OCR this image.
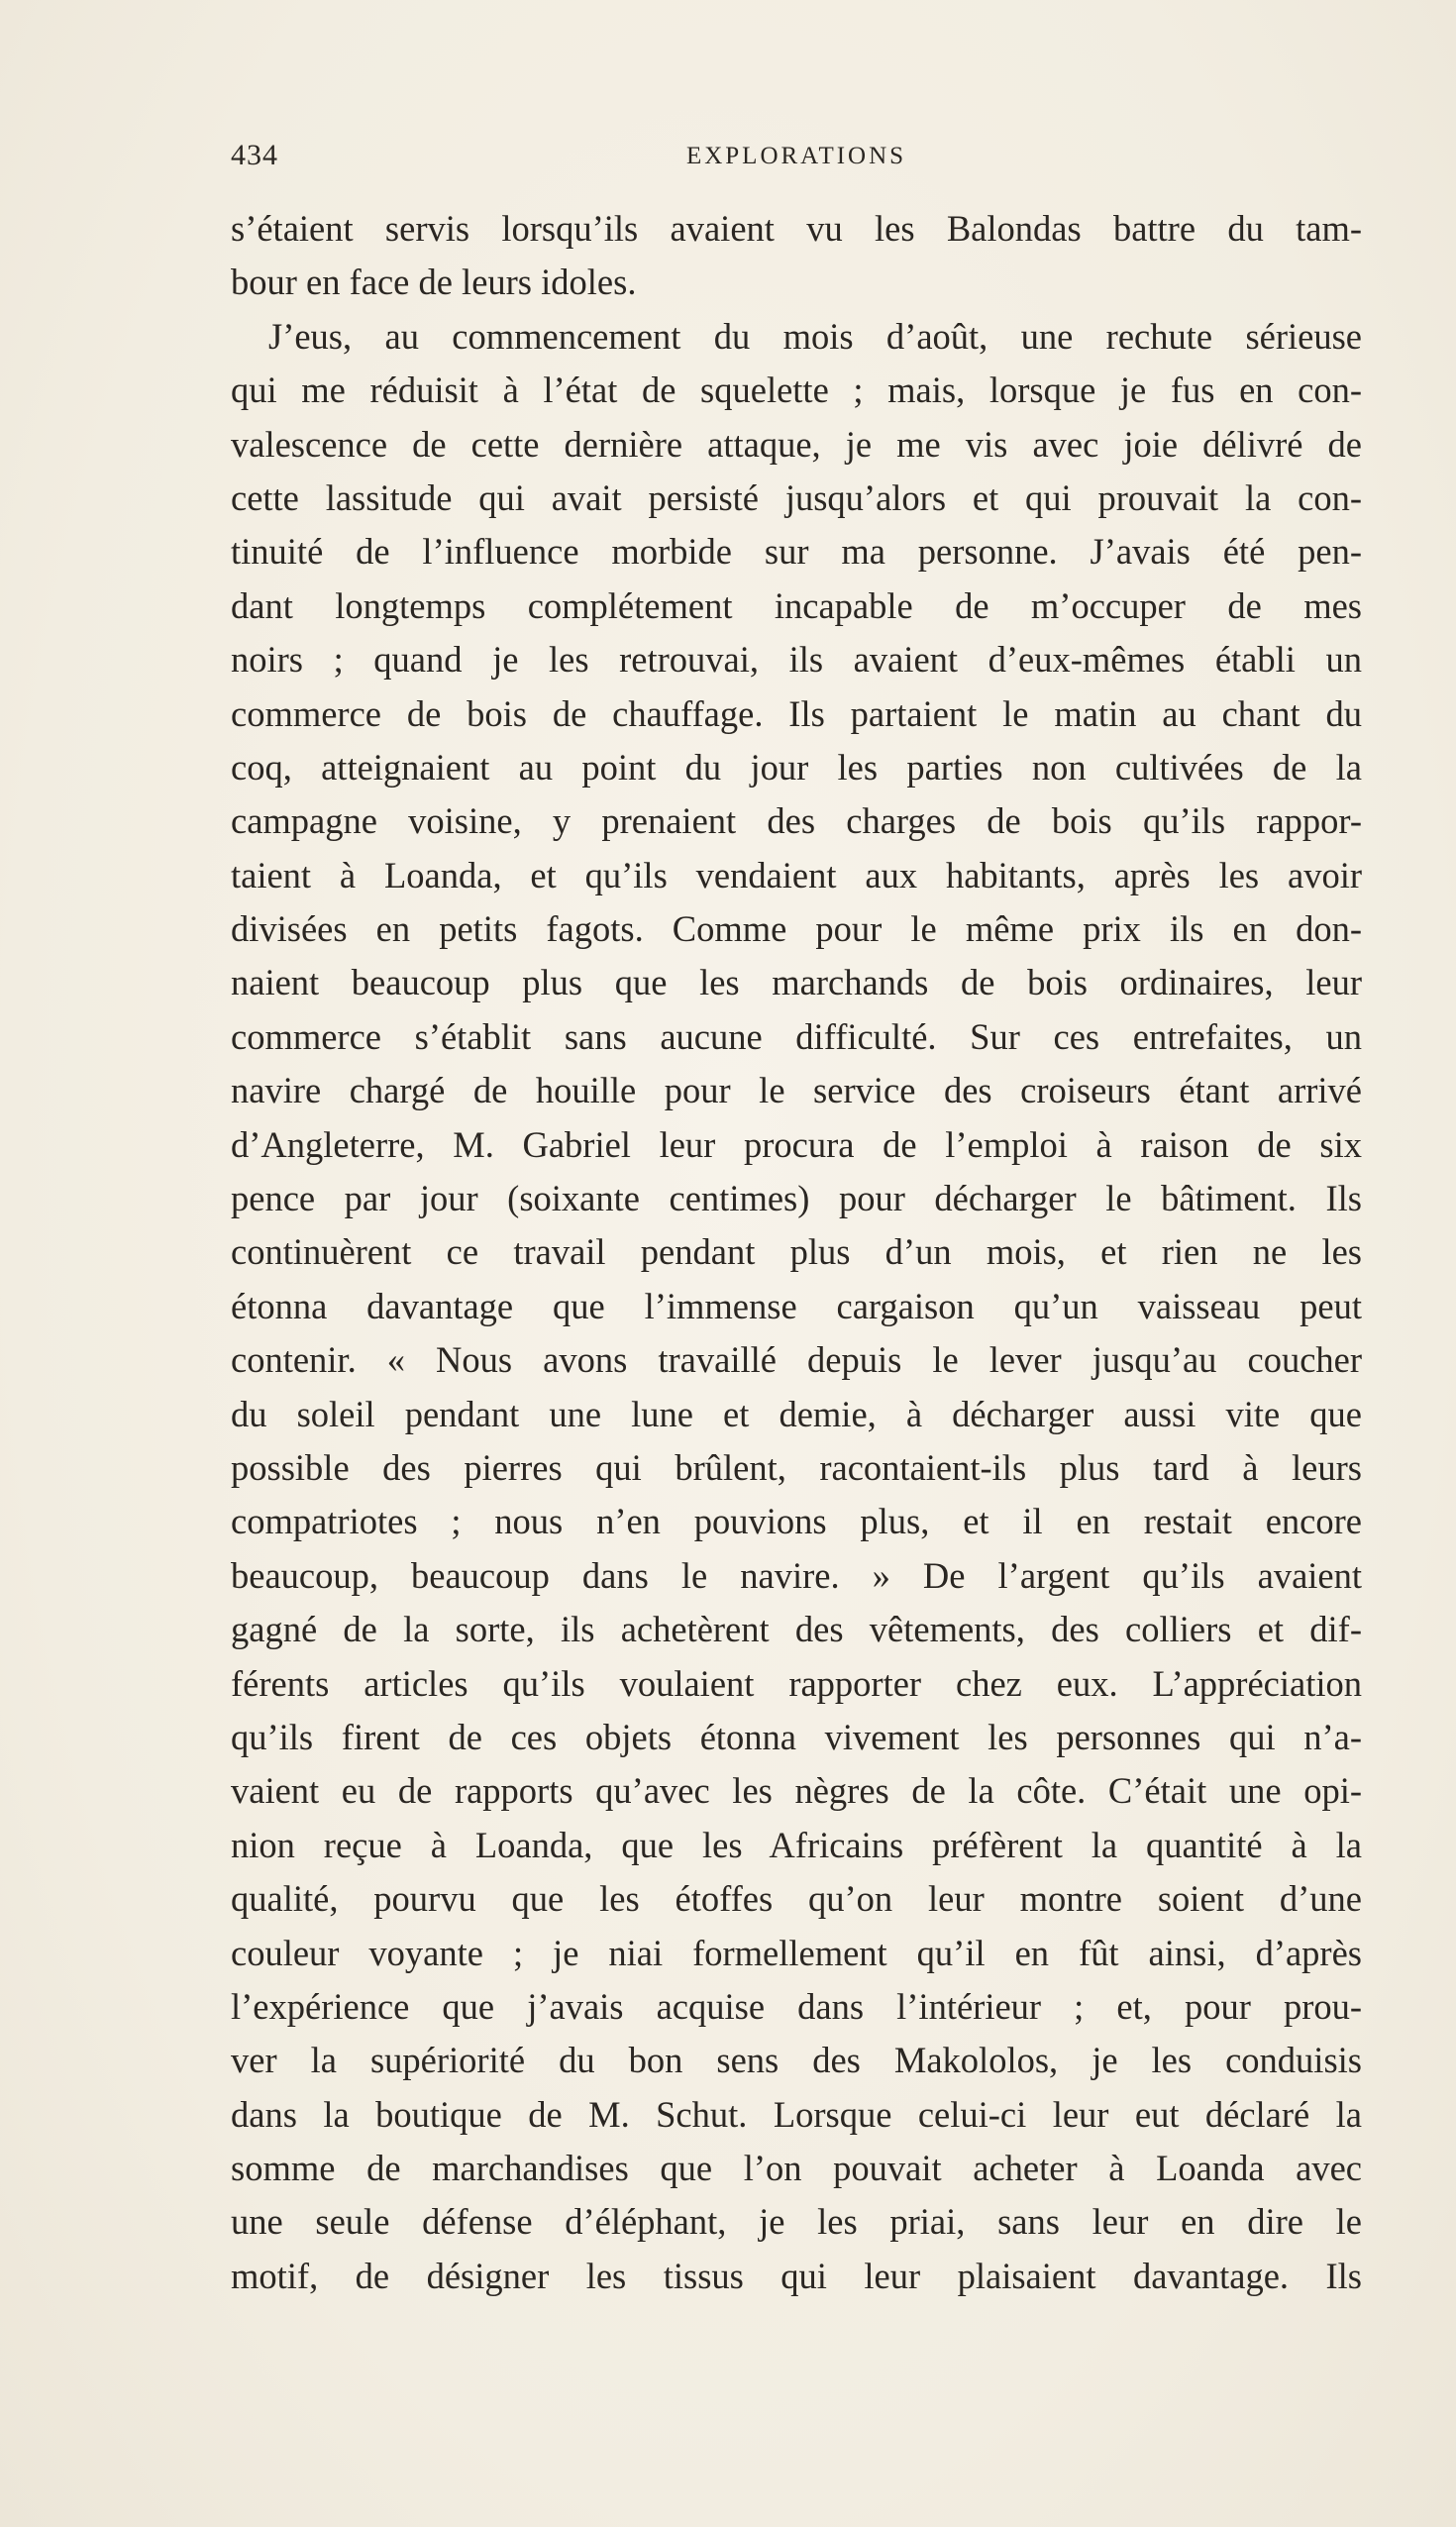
434	EXPLORATIONS
s’étaient servis lorsqu’ils avaient vu les Balondas battre du tam-
bour en face de leurs idoles.
J’eus, au commencement du mois d’août, une rechute sérieuse
qui me réduisit à l’état de squelette ; mais, lorsque je fus en con-
valescence de cette dernière attaque, je me vis avec joie délivré de
cette lassitude qui avait persisté jusqu’alors et qui prouvait la con-
tinuité de l’influence morbide sur ma personne. J’avais été pen-
dant longtemps complétement incapable de m’occuper de mes
noirs ; quand je les retrouvai, ils avaient d’eux-mêmes établi un
commerce de bois de chauffage. Ils partaient le matin au chant du
coq, atteignaient au point du jour les parties non cultivées de la
campagne voisine, y prenaient des charges de bois qu’ils rappor-
taient à Loanda, et qu’ils vendaient aux habitants, après les avoir
divisées en petits fagots. Comme pour le même prix ils en don-
naient beaucoup plus que les marchands de bois ordinaires, leur
commerce s’établit sans aucune difficulté. Sur ces entrefaites, un
navire chargé de houille pour le service des croiseurs étant arrivé
d’Angleterre, M. Gabriel leur procura de l’emploi à raison de six
pence par jour (soixante centimes) pour décharger le bâtiment. Ils
continuèrent ce travail pendant plus d’un mois, et rien ne les
étonna davantage que l’immense cargaison qu’un vaisseau peut
contenir. « Nous avons travaillé depuis le lever jusqu’au coucher
du soleil pendant une lune et demie, à décharger aussi vite que
possible des pierres qui brûlent, racontaient-ils plus tard à leurs
compatriotes ; nous n’en pouvions plus, et il en restait encore
beaucoup, beaucoup dans le navire. » De l’argent qu’ils avaient
gagné de la sorte, ils achetèrent des vêtements, des colliers et dif-
férents articles qu’ils voulaient rapporter chez eux. L’appréciation
qu’ils firent de ces objets étonna vivement les personnes qui n’a-
vaient eu de rapports qu’avec les nègres de la côte. C’était une opi-
nion reçue à Loanda, que les Africains préfèrent la quantité à la
qualité, pourvu que les étoffes qu’on leur montre soient d’une
couleur voyante ; je niai formellement qu’il en fût ainsi, d’après
l’expérience que j’avais acquise dans l’intérieur ; et, pour prou-
ver la supériorité du bon sens des Makololos, je les conduisis
dans la boutique de M. Schut. Lorsque celui-ci leur eut déclaré la
somme de marchandises que l’on pouvait acheter à Loanda avec
une seule défense d’éléphant, je les priai, sans leur en dire le
motif, de désigner les tissus qui leur plaisaient davantage. Ils
